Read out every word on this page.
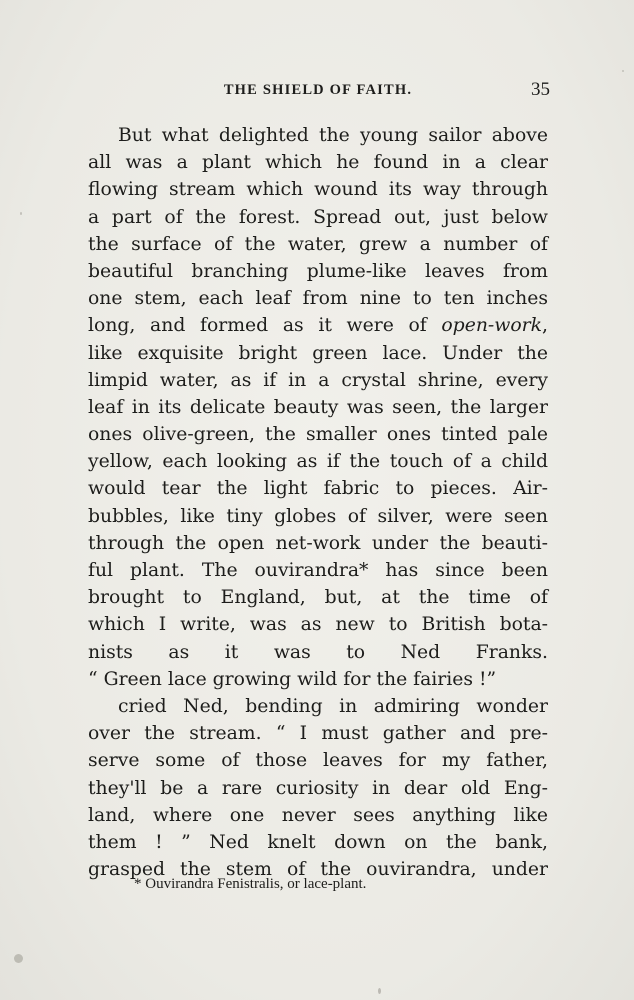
THE SHIELD OF FAITH.	35
But what delighted the young sailor above
all was a plant which he found in a clear
flowing stream which wound its way through
a part of the forest. Spread out, just below
the surface of the water, grew a number of
beautiful branching plume-like leaves from
one stem, each leaf from nine to ten inches
long, and formed as it were of open-work,
like exquisite bright green lace. Under the
limpid water, as if in a crystal shrine, every
leaf in its delicate beauty was seen, the larger
ones olive-green, the smaller ones tinted pale
yellow, each looking as if the touch of a child
would tear the light fabric to pieces. Air-
bubbles, like tiny globes of silver, were seen
through the open net-work under the beauti-
ful plant. The ouvirandra* has since been
brought to England, but, at the time of
which I write, was as new to British bota-
nists as it was to Ned Franks.
“ Green lace growing wild for the fairies !”
cried Ned, bending in admiring wonder
over the stream. “ I must gather and pre-
serve some of those leaves for my father,
they'll be a rare curiosity in dear old Eng-
land, where one never sees anything like
them ! ” Ned knelt down on the bank,
grasped the stem of the ouvirandra, under
* Ouvirandra Fenistralis, or lace-plant.
